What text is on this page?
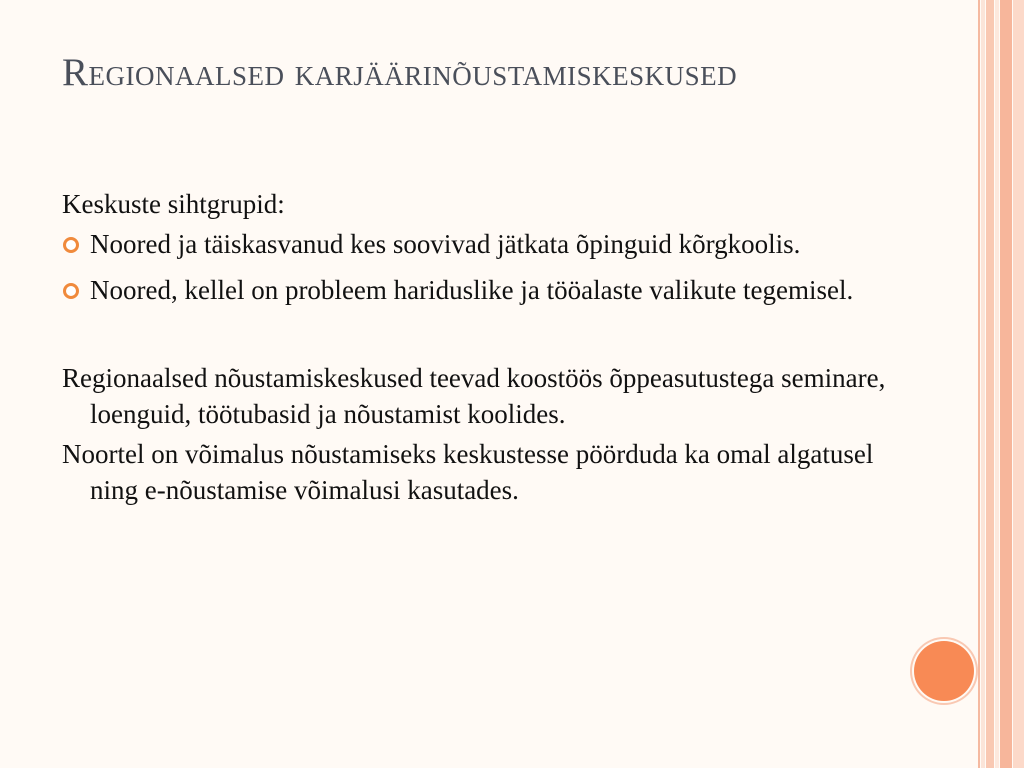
Regionaalsed karjäärinõustamiskeskused

Keskuste sihtgrupid:

Noored ja täiskasvanud kes soovivad jätkata õpinguid kõrgkoolis.
Noored, kellel on probleem hariduslike ja tööalaste valikute tegemisel.

Regionaalsed nõustamiskeskused teevad koostöös õppeasutustega seminare, loenguid, töötubasid ja nõustamist koolides.

Noortel on võimalus nõustamiseks keskustesse pöörduda ka omal algatusel ning e-nõustamise võimalusi kasutades.
